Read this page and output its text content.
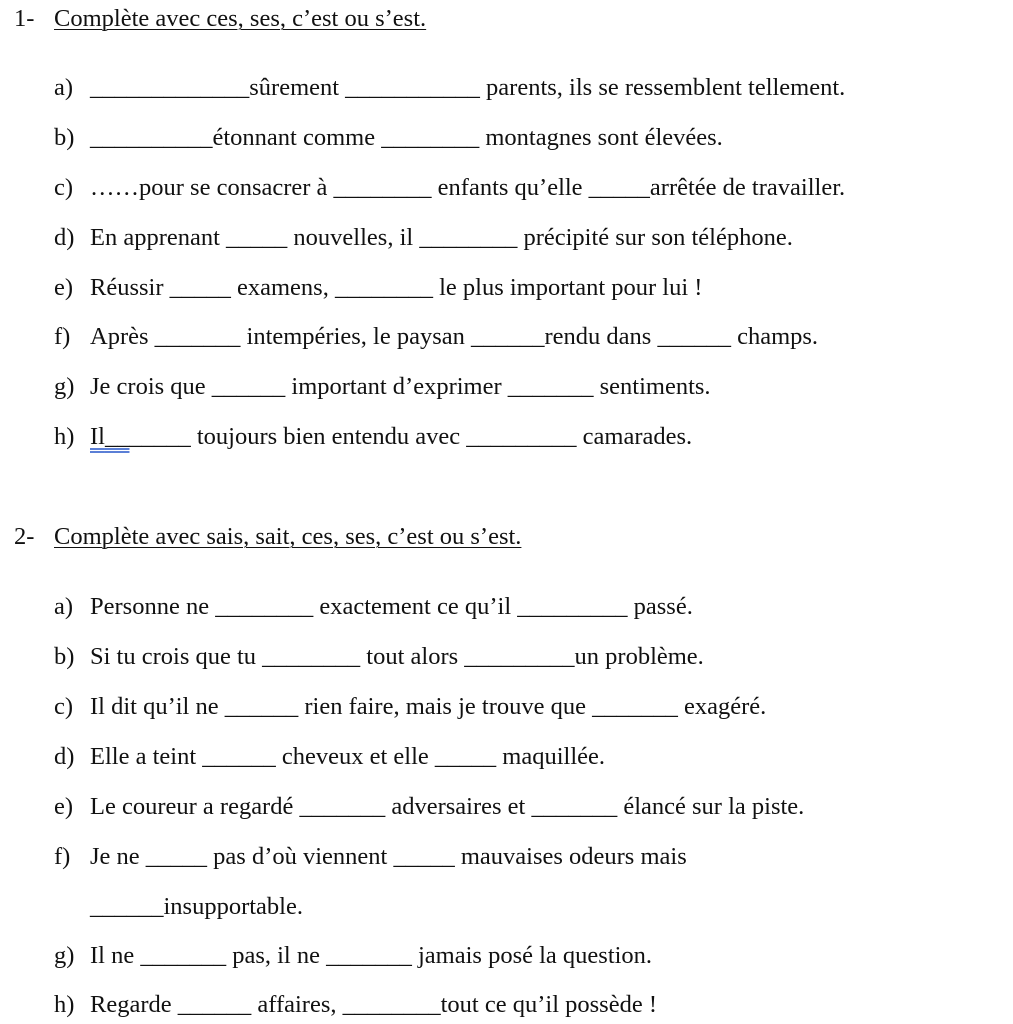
1- Complète avec ces, ses, c’est ou s’est.
a) _____________sûrement ___________ parents, ils se ressemblent tellement.
b) __________étonnant comme ________ montagnes sont élevées.
c) ……pour se consacrer à ________ enfants qu’elle _____arrêtée de travailler.
d) En apprenant _____ nouvelles, il ________ précipité sur son téléphone.
e) Réussir _____ examens, ________ le plus important pour lui !
f) Après _______ intempéries, le paysan ______rendu dans ______ champs.
g) Je crois que ______ important d’exprimer _______ sentiments.
h) Il_______ toujours bien entendu avec _________ camarades.
2- Complète avec sais, sait, ces, ses, c’est ou s’est.
a) Personne ne ________ exactement ce qu’il _________ passé.
b) Si tu crois que tu ________ tout alors _________un problème.
c) Il dit qu’il ne ______ rien faire, mais je trouve que _______ exagéré.
d) Elle a teint ______ cheveux et elle _____ maquillée.
e) Le coureur a regardé _______ adversaires et _______ élancé sur la piste.
f) Je ne _____ pas d’où viennent _____ mauvaises odeurs mais
______insupportable.
g) Il ne _______ pas, il ne _______ jamais posé la question.
h) Regarde ______ affaires, ________tout ce qu’il possède !
